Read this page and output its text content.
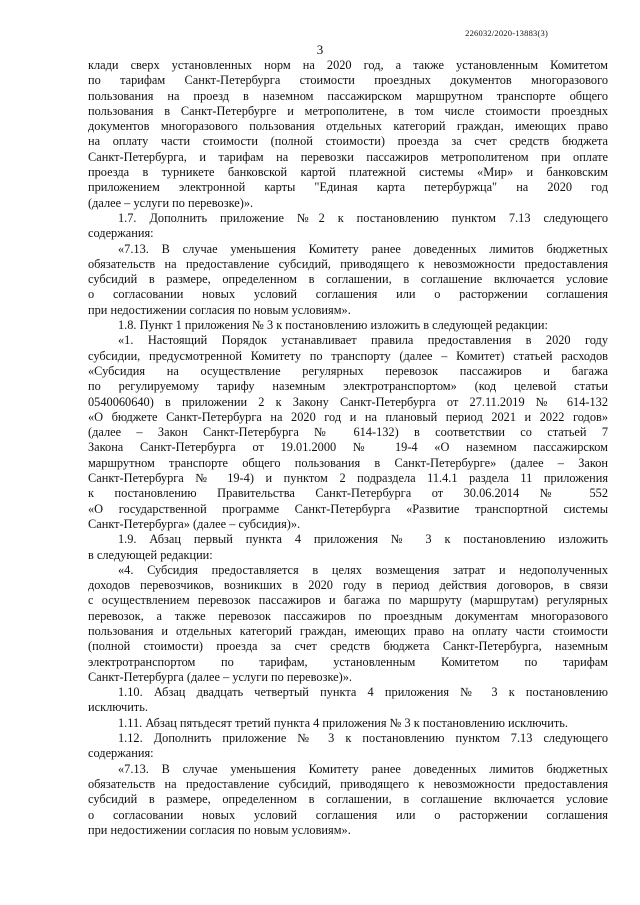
226032/2020-13883(3)
3
клади сверх установленных норм на 2020 год, а также установленным Комитетом
по тарифам Санкт-Петербурга стоимости проездных документов многоразового
пользования на проезд в наземном пассажирском маршрутном транспорте общего
пользования в Санкт-Петербурге и метрополитене, в том числе стоимости проездных
документов многоразового пользования отдельных категорий граждан, имеющих право
на оплату части стоимости (полной стоимости) проезда за счет средств бюджета
Санкт-Петербурга, и тарифам на перевозки пассажиров метрополитеном при оплате
проезда в турникете банковской картой платежной системы «Мир» и банковским
приложением электронной карты "Единая карта петербуржца" на 2020 год
(далее – услуги по перевозке)».
1.7. Дополнить приложение №2 к постановлению пунктом 7.13 следующего
содержания:
«7.13. В случае уменьшения Комитету ранее доведенных лимитов бюджетных
обязательств на предоставление субсидий, приводящего к невозможности предоставления
субсидий в размере, определенном в соглашении, в соглашение включается условие
о согласовании новых условий соглашения или о расторжении соглашения
при недостижении согласия по новым условиям».
1.8. Пункт 1 приложения № 3 к постановлению изложить в следующей редакции:
«1. Настоящий Порядок устанавливает правила предоставления в 2020 году
субсидии, предусмотренной Комитету по транспорту (далее – Комитет) статьей расходов
«Субсидия на осуществление регулярных перевозок пассажиров и багажа
по регулируемому тарифу наземным электротранспортом» (код целевой статьи
0540060640) в приложении 2 к Закону Санкт-Петербурга от 27.11.2019 № 614-132
«О бюджете Санкт-Петербурга на 2020 год и на плановый период 2021 и 2022 годов»
(далее – Закон Санкт-Петербурга № 614-132) в соответствии со статьей 7
Закона Санкт-Петербурга от 19.01.2000 № 19-4 «О наземном пассажирском
маршрутном транспорте общего пользования в Санкт-Петербурге» (далее – Закон
Санкт-Петербурга № 19-4) и пунктом 2 подраздела 11.4.1 раздела 11 приложения
к постановлению Правительства Санкт-Петербурга от 30.06.2014 № 552
«О государственной программе Санкт-Петербурга «Развитие транспортной системы
Санкт-Петербурга» (далее – субсидия)».
1.9. Абзац первый пункта 4 приложения № 3 к постановлению изложить
в следующей редакции:
«4. Субсидия предоставляется в целях возмещения затрат и недополученных
доходов перевозчиков, возникших в 2020 году в период действия договоров, в связи
с осуществлением перевозок пассажиров и багажа по маршруту (маршрутам) регулярных
перевозок, а также перевозок пассажиров по проездным документам многоразового
пользования и отдельных категорий граждан, имеющих право на оплату части стоимости
(полной стоимости) проезда за счет средств бюджета Санкт-Петербурга, наземным
электротранспортом по тарифам, установленным Комитетом по тарифам
Санкт-Петербурга (далее – услуги по перевозке)».
1.10. Абзац двадцать четвертый пункта 4 приложения № 3 к постановлению
исключить.
1.11. Абзац пятьдесят третий пункта 4 приложения № 3 к постановлению исключить.
1.12. Дополнить приложение № 3 к постановлению пунктом 7.13 следующего
содержания:
«7.13. В случае уменьшения Комитету ранее доведенных лимитов бюджетных
обязательств на предоставление субсидий, приводящего к невозможности предоставления
субсидий в размере, определенном в соглашении, в соглашение включается условие
о согласовании новых условий соглашения или о расторжении соглашения
при недостижении согласия по новым условиям».
